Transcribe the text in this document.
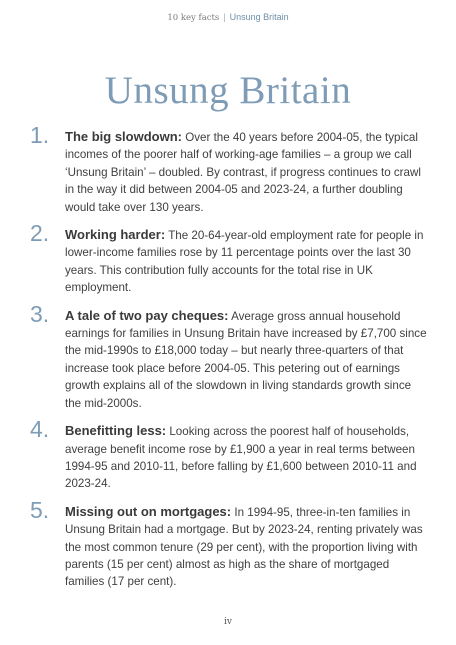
10 key facts | Unsung Britain
Unsung Britain
1. The big slowdown: Over the 40 years before 2004-05, the typical incomes of the poorer half of working-age families – a group we call ‘Unsung Britain’ – doubled. By contrast, if progress continues to crawl in the way it did between 2004-05 and 2023-24, a further doubling would take over 130 years.
2. Working harder: The 20-64-year-old employment rate for people in lower-income families rose by 11 percentage points over the last 30 years. This contribution fully accounts for the total rise in UK employment.
3. A tale of two pay cheques: Average gross annual household earnings for families in Unsung Britain have increased by £7,700 since the mid-1990s to £18,000 today – but nearly three-quarters of that increase took place before 2004-05. This petering out of earnings growth explains all of the slowdown in living standards growth since the mid-2000s.
4. Benefitting less: Looking across the poorest half of households, average benefit income rose by £1,900 a year in real terms between 1994-95 and 2010-11, before falling by £1,600 between 2010-11 and 2023-24.
5. Missing out on mortgages: In 1994-95, three-in-ten families in Unsung Britain had a mortgage. But by 2023-24, renting privately was the most common tenure (29 per cent), with the proportion living with parents (15 per cent) almost as high as the share of mortgaged families (17 per cent).
iv
